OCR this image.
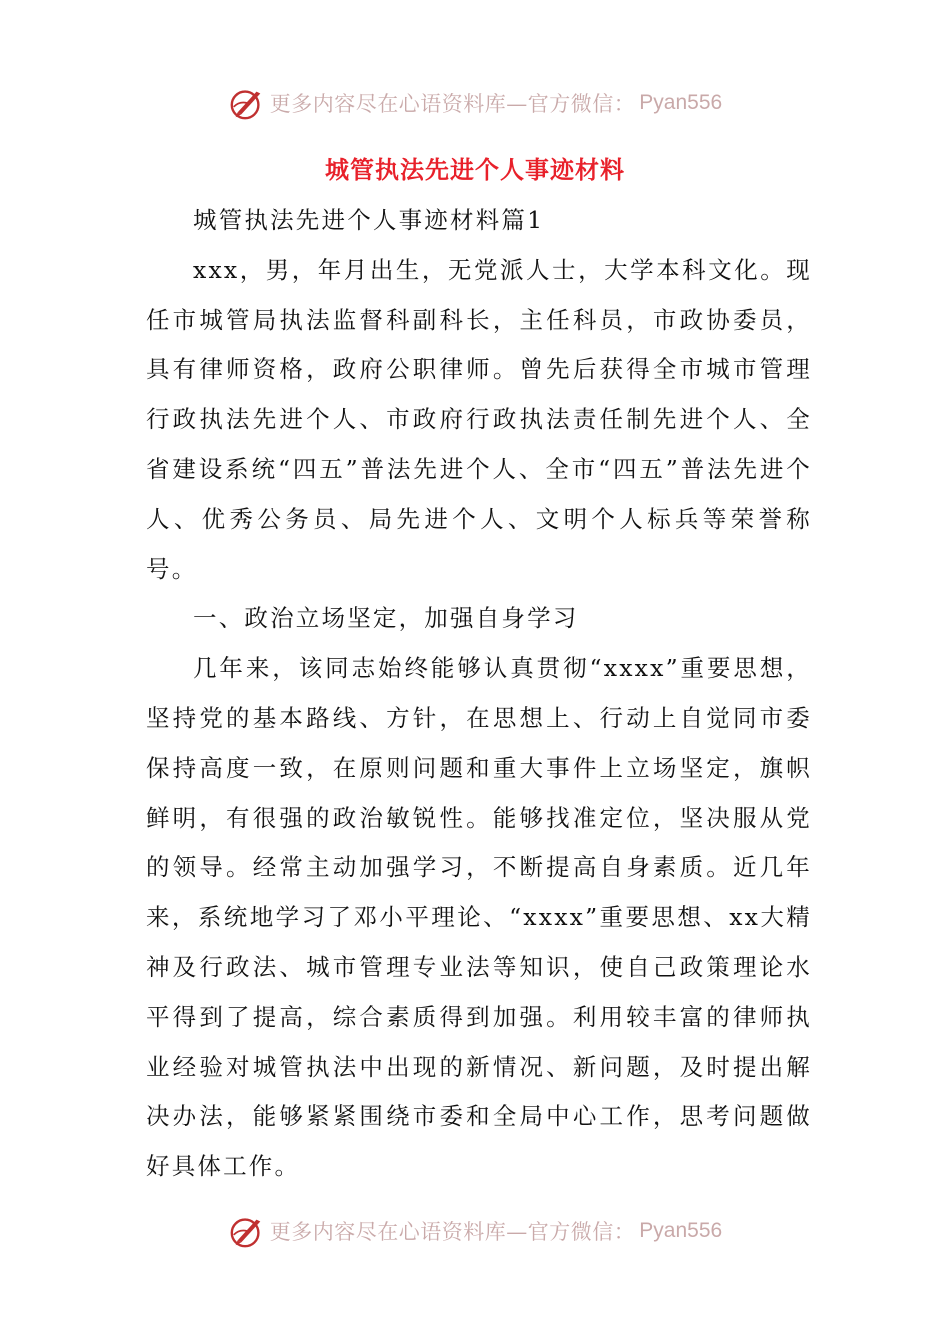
更多内容尽在心语资料库—官方微信： Pyan556
城管执法先进个人事迹材料

城管执法先进个人事迹材料篇1

xxx，男，年月出生，无党派人士，大学本科文化。现任市城管局执法监督科副科长，主任科员，市政协委员，具有律师资格，政府公职律师。曾先后获得全市城市管理行政执法先进个人、市政府行政执法责任制先进个人、全省建设系统“四五”普法先进个人、全市“四五”普法先进个人、优秀公务员、局先进个人、文明个人标兵等荣誉称号。

一、政治立场坚定，加强自身学习

几年来，该同志始终能够认真贯彻“xxxx”重要思想，坚持党的基本路线、方针，在思想上、行动上自觉同市委保持高度一致，在原则问题和重大事件上立场坚定，旗帜鲜明，有很强的政治敏锐性。能够找准定位，坚决服从党的领导。经常主动加强学习，不断提高自身素质。近几年来，系统地学习了邓小平理论、“xxxx”重要思想、xx大精神及行政法、城市管理专业法等知识，使自己政策理论水平得到了提高，综合素质得到加强。利用较丰富的律师执业经验对城管执法中出现的新情况、新问题，及时提出解决办法，能够紧紧围绕市委和全局中心工作，思考问题做好具体工作。

更多内容尽在心语资料库—官方微信： Pyan556
